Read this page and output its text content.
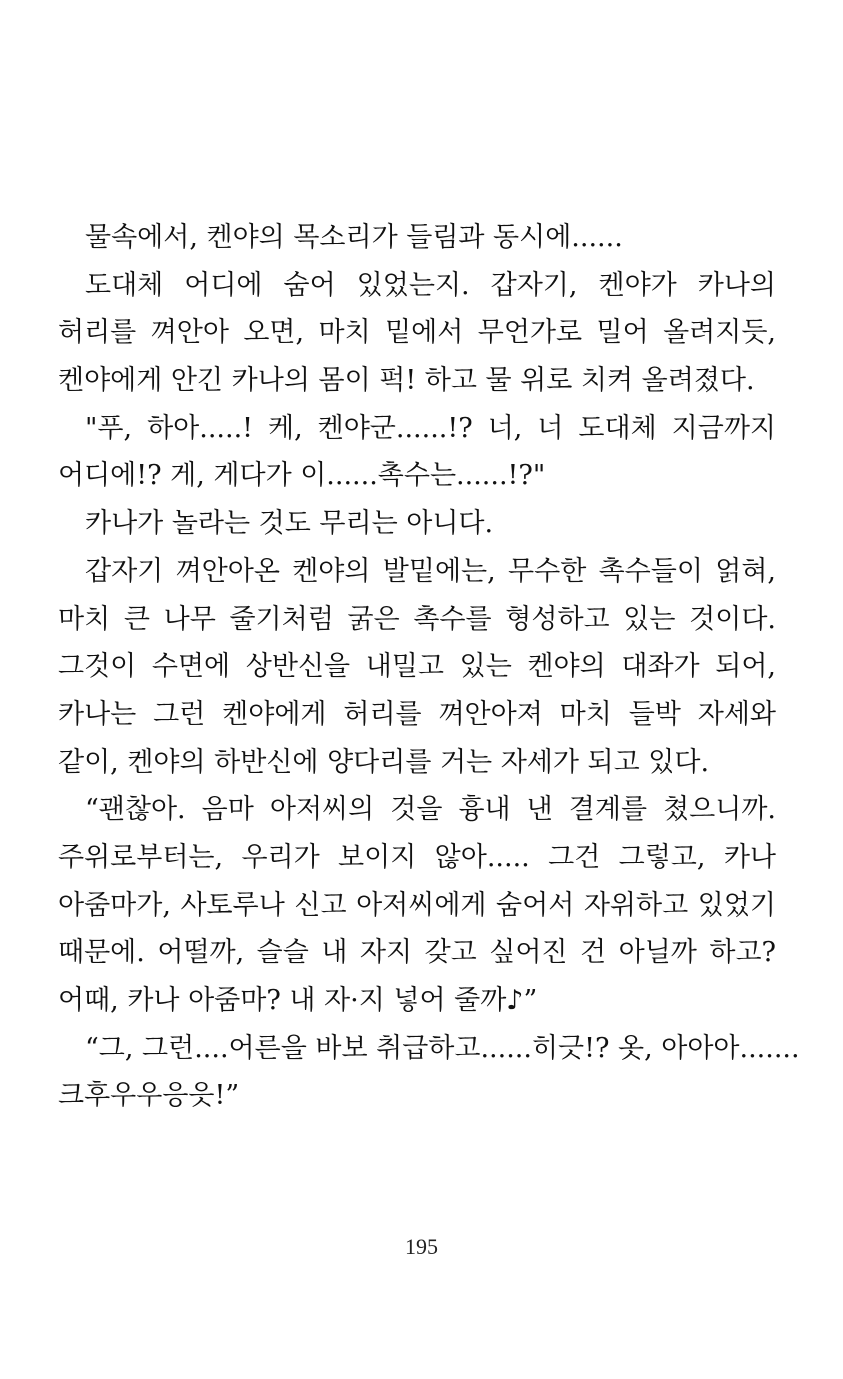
물속에서, 켄야의 목소리가 들림과 동시에......
도대체 어디에 숨어 있었는지. 갑자기, 켄야가 카나의
허리를 껴안아 오면, 마치 밑에서 무언가로 밀어 올려지듯,
켄야에게 안긴 카나의 몸이 퍽! 하고 물 위로 치켜 올려졌다.
"푸, 하아.....! 케, 켄야군......!? 너, 너 도대체 지금까지
어디에!? 게, 게다가 이......촉수는......!?"
카나가 놀라는 것도 무리는 아니다.
갑자기 껴안아온 켄야의 발밑에는, 무수한 촉수들이 얽혀,
마치 큰 나무 줄기처럼 굵은 촉수를 형성하고 있는 것이다.
그것이 수면에 상반신을 내밀고 있는 켄야의 대좌가 되어,
카나는 그런 켄야에게 허리를 껴안아져 마치 들박 자세와
같이, 켄야의 하반신에 양다리를 거는 자세가 되고 있다.
“괜찮아. 음마 아저씨의 것을 흉내 낸 결계를 쳤으니까.
주위로부터는, 우리가 보이지 않아..... 그건 그렇고, 카나
아줌마가, 사토루나 신고 아저씨에게 숨어서 자위하고 있었기
때문에. 어떨까, 슬슬 내 자지 갖고 싶어진 건 아닐까 하고?
어때, 카나 아줌마? 내 자·지 넣어 줄까♪”
“그, 그런....어른을 바보 취급하고......히긋!? 옷, 아아아.......
크후우우응읏!”
195
